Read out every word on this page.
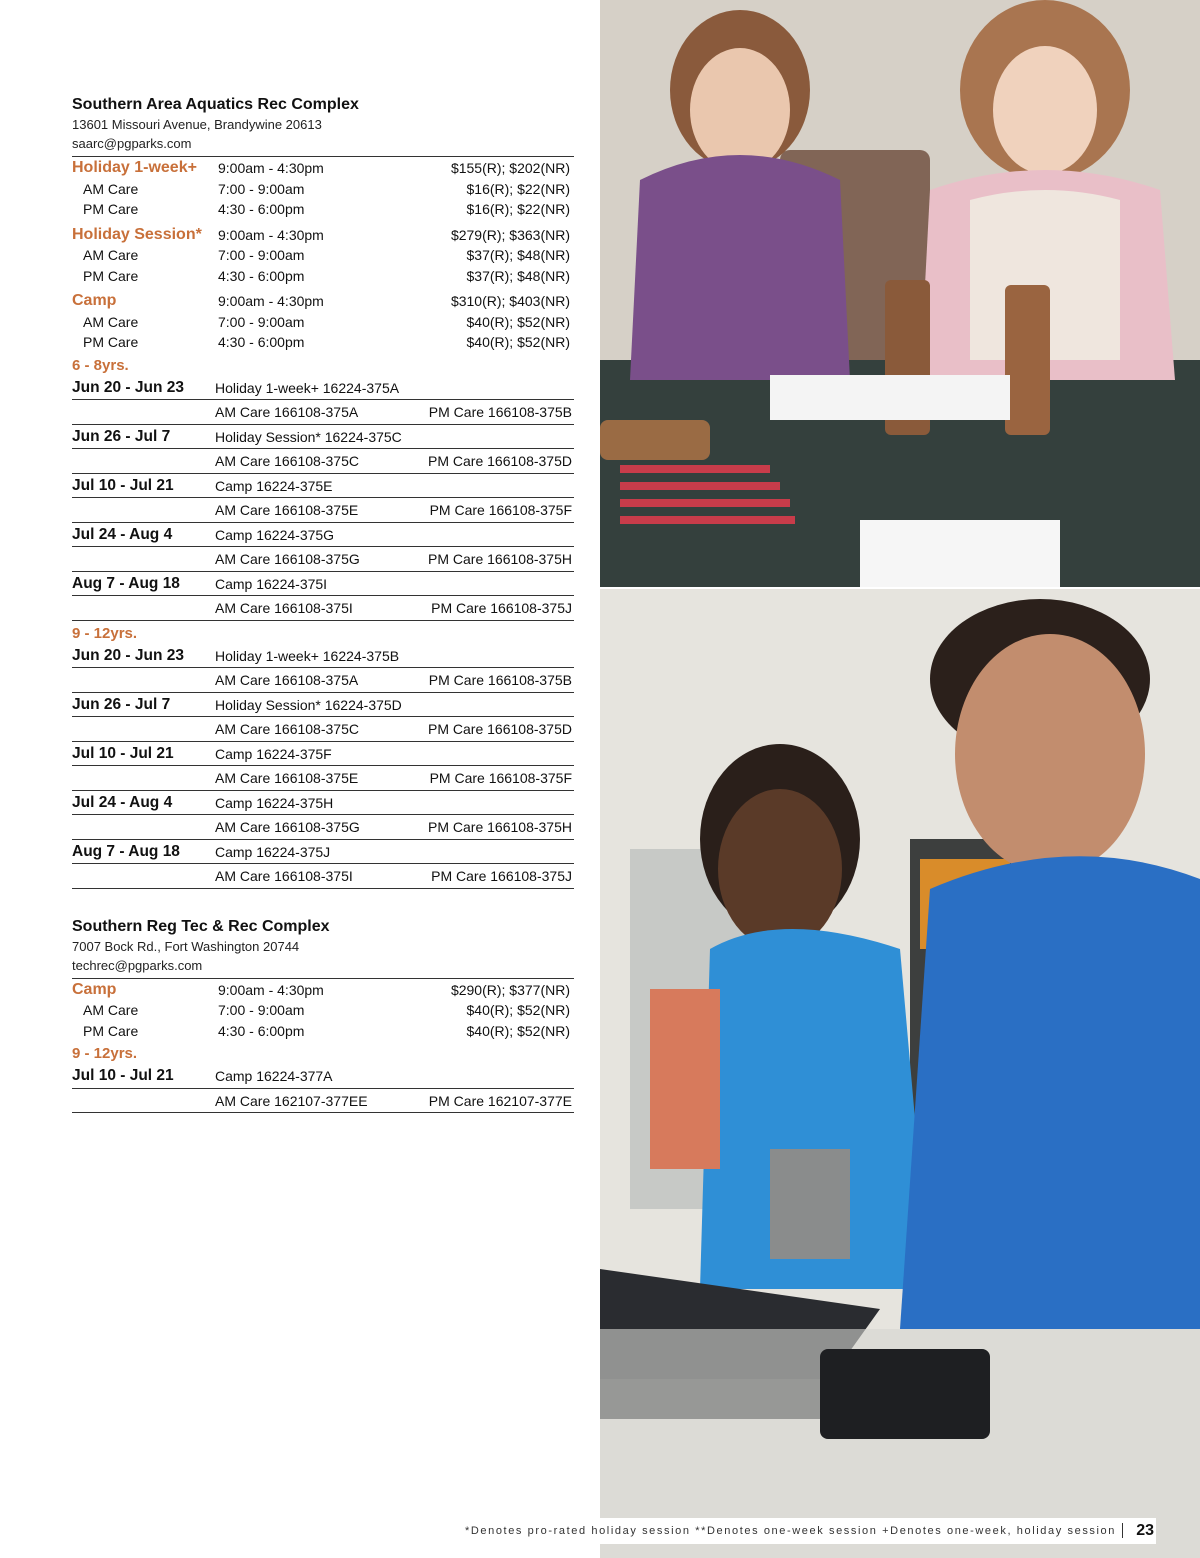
Southern Area Aquatics Rec Complex
13601 Missouri Avenue, Brandywine 20613
saarc@pgparks.com
Holiday 1-week+ 9:00am - 4:30pm	$155(R); $202(NR)
AM Care	7:00 - 9:00am	$16(R); $22(NR)
PM Care	4:30 - 6:00pm	$16(R); $22(NR)
Holiday Session* 9:00am - 4:30pm	$279(R); $363(NR)
AM Care	7:00 - 9:00am	$37(R); $48(NR)
PM Care	4:30 - 6:00pm	$37(R); $48(NR)
Camp	9:00am - 4:30pm	$310(R); $403(NR)
AM Care	7:00 - 9:00am	$40(R); $52(NR)
PM Care	4:30 - 6:00pm	$40(R); $52(NR)
6 - 8yrs.
Jun 20 - Jun 23 Holiday 1-week+ 16224-375A
AM Care 166108-375A	PM Care 166108-375B
Jun 26 - Jul 7	Holiday Session* 16224-375C
AM Care 166108-375C	PM Care 166108-375D
Jul 10 - Jul 21	Camp 16224-375E
AM Care 166108-375E	PM Care 166108-375F
Jul 24 - Aug 4	Camp 16224-375G
AM Care 166108-375G	PM Care 166108-375H
Aug 7 - Aug 18	Camp 16224-375I
AM Care 166108-375I	PM Care 166108-375J
9 - 12yrs.
Jun 20 - Jun 23 Holiday 1-week+ 16224-375B
AM Care 166108-375A	PM Care 166108-375B
Jun 26 - Jul 7	Holiday Session* 16224-375D
AM Care 166108-375C	PM Care 166108-375D
Jul 10 - Jul 21	Camp 16224-375F
AM Care 166108-375E	PM Care 166108-375F
Jul 24 - Aug 4	Camp 16224-375H
AM Care 166108-375G	PM Care 166108-375H
Aug 7 - Aug 18	Camp 16224-375J
AM Care 166108-375I	PM Care 166108-375J
Southern Reg Tec & Rec Complex
7007 Bock Rd., Fort Washington 20744
techrec@pgparks.com
Camp	9:00am - 4:30pm	$290(R); $377(NR)
AM Care	7:00 - 9:00am	$40(R); $52(NR)
PM Care	4:30 - 6:00pm	$40(R); $52(NR)
9 - 12yrs.
Jul 10 - Jul 21	Camp 16224-377A
AM Care 162107-377EE	PM Care 162107-377E
*Denotes pro-rated holiday session **Denotes one-week session +Denotes one-week, holiday session	23
